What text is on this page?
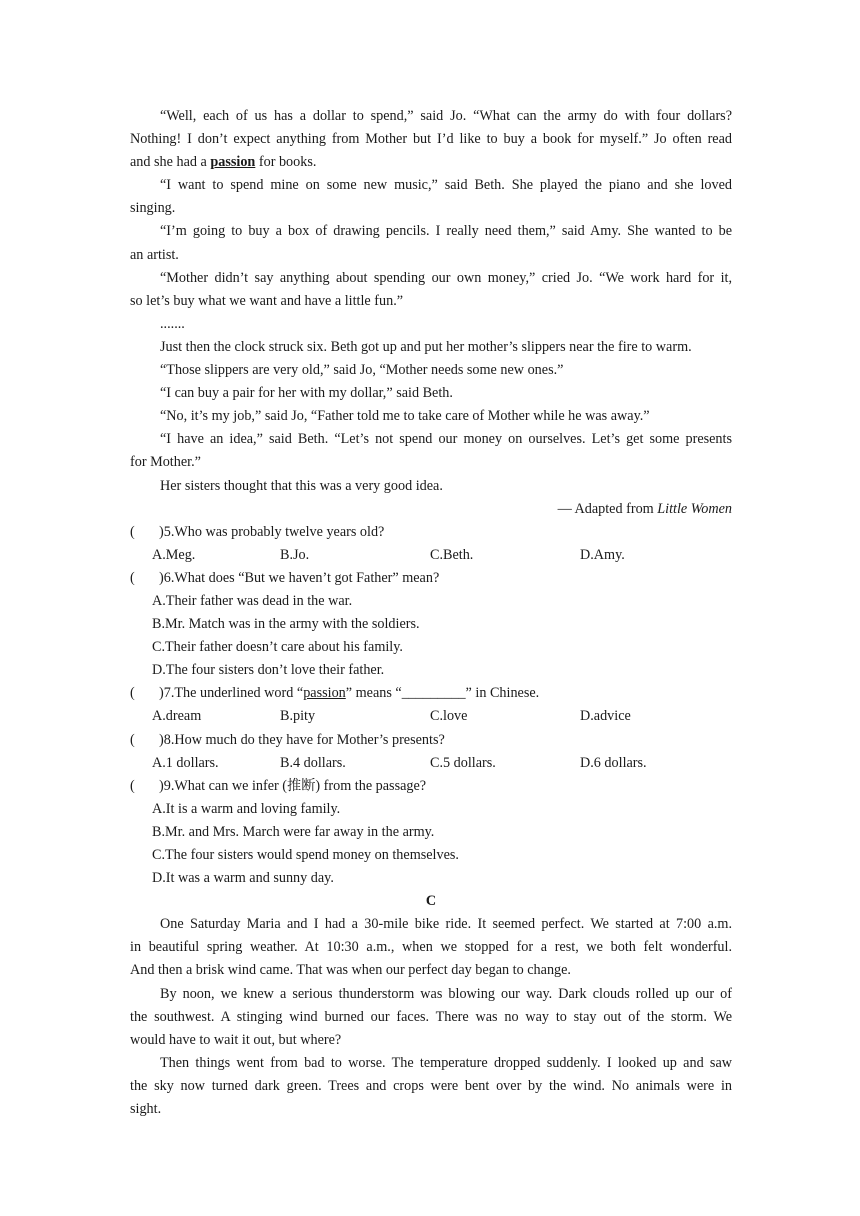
“Well, each of us has a dollar to spend,” said Jo. “What can the army do with four dollars?
Nothing! I don’t expect anything from Mother but I’d like to buy a book for myself.” Jo often read
and she had a passion for books.
“I want to spend mine on some new music,” said Beth. She played the piano and she loved
singing.
“I’m going to buy a box of drawing pencils. I really need them,” said Amy. She wanted to be
an artist.
“Mother didn’t say anything about spending our own money,” cried Jo. “We work hard for it,
so let’s buy what we want and have a little fun.”
.......
Just then the clock struck six. Beth got up and put her mother’s slippers near the fire to warm.
“Those slippers are very old,” said Jo, “Mother needs some new ones.”
“I can buy a pair for her with my dollar,” said Beth.
“No, it’s my job,” said Jo, “Father told me to take care of Mother while he was away.”
“I have an idea,” said Beth. “Let’s not spend our money on ourselves. Let’s get some presents
for Mother.”
Her sisters thought that this was a very good idea.
— Adapted from Little Women
( )5.Who was probably twelve years old?
A.Meg.	B.Jo.	C.Beth.	D.Amy.
( )6.What does “But we haven’t got Father” mean?
A.Their father was dead in the war.
B.Mr. Match was in the army with the soldiers.
C.Their father doesn’t care about his family.
D.The four sisters don’t love their father.
( )7.The underlined word “passion” means “_________” in Chinese.
A.dream	B.pity	C.love	D.advice
( )8.How much do they have for Mother’s presents?
A.1 dollars.	B.4 dollars.	C.5 dollars.	D.6 dollars.
( )9.What can we infer (推断) from the passage?
A.It is a warm and loving family.
B.Mr. and Mrs. March were far away in the army.
C.The four sisters would spend money on themselves.
D.It was a warm and sunny day.
C
One Saturday Maria and I had a 30-mile bike ride. It seemed perfect. We started at 7:00 a.m.
in beautiful spring weather. At 10:30 a.m., when we stopped for a rest, we both felt wonderful.
And then a brisk wind came. That was when our perfect day began to change.
By noon, we knew a serious thunderstorm was blowing our way. Dark clouds rolled up our of
the southwest. A stinging wind burned our faces. There was no way to stay out of the storm. We
would have to wait it out, but where?
Then things went from bad to worse. The temperature dropped suddenly. I looked up and saw
the sky now turned dark green. Trees and crops were bent over by the wind. No animals were in
sight.
